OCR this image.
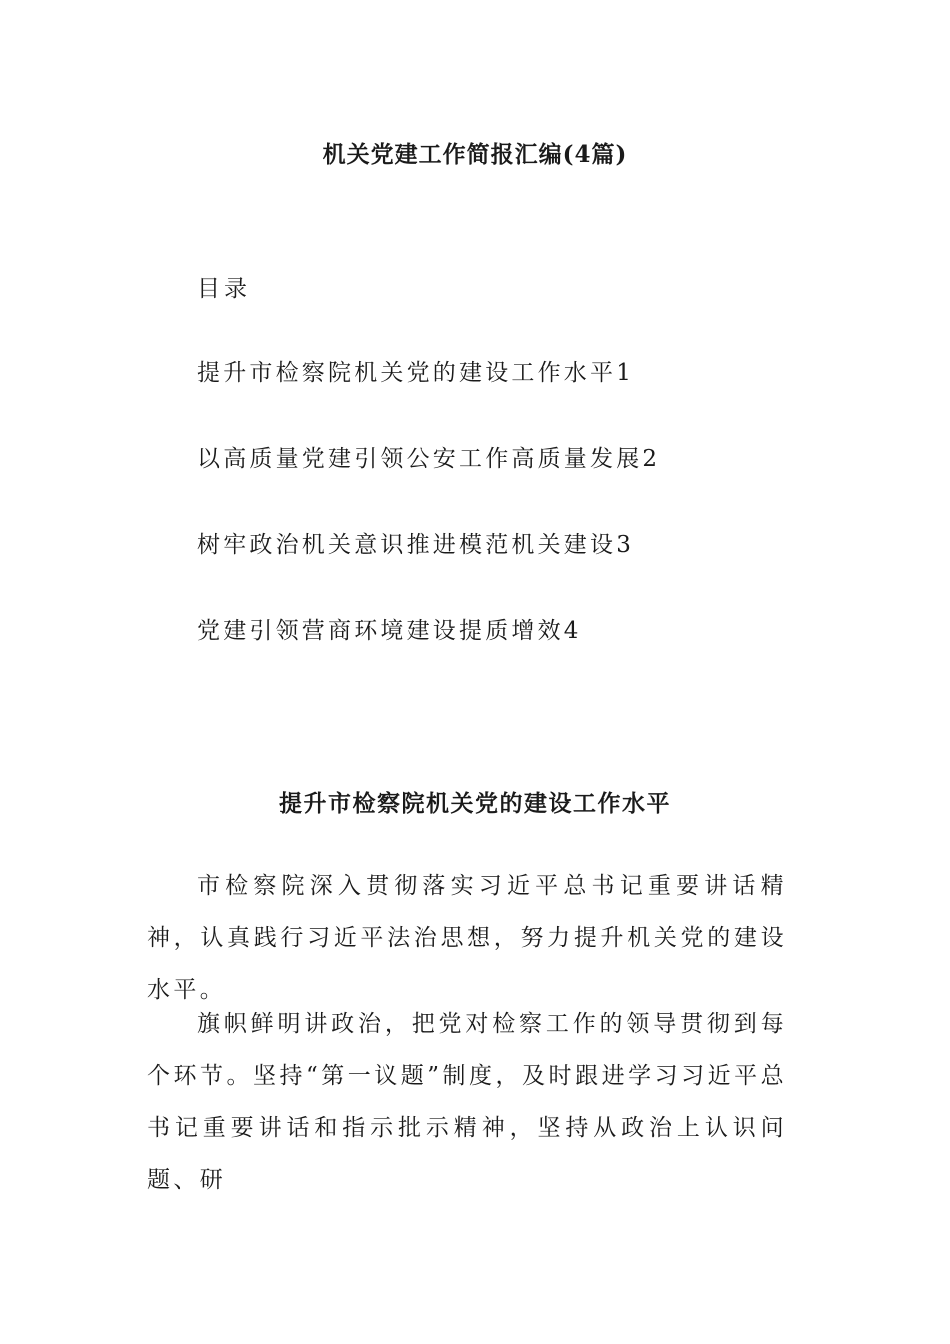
机关党建工作简报汇编(4篇)
目录
提升市检察院机关党的建设工作水平1
以高质量党建引领公安工作高质量发展2
树牢政治机关意识推进模范机关建设3
党建引领营商环境建设提质增效4
提升市检察院机关党的建设工作水平

市检察院深入贯彻落实习近平总书记重要讲话精神，认真践行习近平法治思想，努力提升机关党的建设水平。

旗帜鲜明讲政治，把党对检察工作的领导贯彻到每个环节。坚持“第一议题”制度，及时跟进学习习近平总书记重要讲话和指示批示精神，坚持从政治上认识问题、研
